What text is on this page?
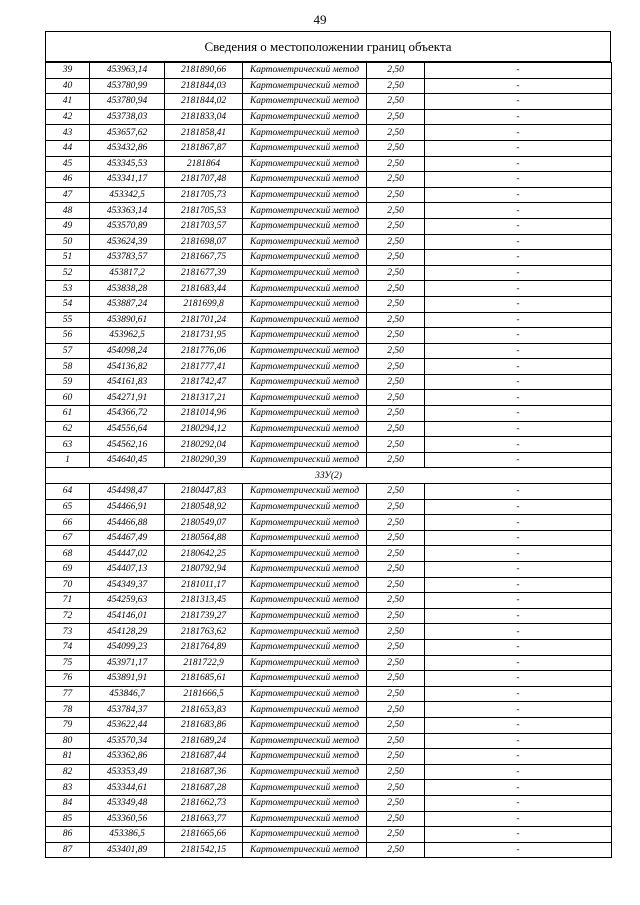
49
Сведения о местоположении границ объекта
39	453963,14	2181890,66	Картометрический метод	2,50	-
40	453780,99	2181844,03	Картометрический метод	2,50	-
41	453780,94	2181844,02	Картометрический метод	2,50	-
42	453738,03	2181833,04	Картометрический метод	2,50	-
43	453657,62	2181858,41	Картометрический метод	2,50	-
44	453432,86	2181867,87	Картометрический метод	2,50	-
45	453345,53	2181864	Картометрический метод	2,50	-
46	453341,17	2181707,48	Картометрический метод	2,50	-
47	453342,5	2181705,73	Картометрический метод	2,50	-
48	453363,14	2181705,53	Картометрический метод	2,50	-
49	453570,89	2181703,57	Картометрический метод	2,50	-
50	453624,39	2181698,07	Картометрический метод	2,50	-
51	453783,57	2181667,75	Картометрический метод	2,50	-
52	453817,2	2181677,39	Картометрический метод	2,50	-
53	453838,28	2181683,44	Картометрический метод	2,50	-
54	453887,24	2181699,8	Картометрический метод	2,50	-
55	453890,61	2181701,24	Картометрический метод	2,50	-
56	453962,5	2181731,95	Картометрический метод	2,50	-
57	454098,24	2181776,06	Картометрический метод	2,50	-
58	454136,82	2181777,41	Картометрический метод	2,50	-
59	454161,83	2181742,47	Картометрический метод	2,50	-
60	454271,91	2181317,21	Картометрический метод	2,50	-
61	454366,72	2181014,96	Картометрический метод	2,50	-
62	454556,64	2180294,12	Картометрический метод	2,50	-
63	454562,16	2180292,04	Картометрический метод	2,50	-
1	454640,45	2180290,39	Картометрический метод	2,50	-
3ЗУ(2)					
64	454498,47	2180447,83	Картометрический метод	2,50	-
65	454466,91	2180548,92	Картометрический метод	2,50	-
66	454466,88	2180549,07	Картометрический метод	2,50	-
67	454467,49	2180564,88	Картометрический метод	2,50	-
68	454447,02	2180642,25	Картометрический метод	2,50	-
69	454407,13	2180792,94	Картометрический метод	2,50	-
70	454349,37	2181011,17	Картометрический метод	2,50	-
71	454259,63	2181313,45	Картометрический метод	2,50	-
72	454146,01	2181739,27	Картометрический метод	2,50	-
73	454128,29	2181763,62	Картометрический метод	2,50	-
74	454099,23	2181764,89	Картометрический метод	2,50	-
75	453971,17	2181722,9	Картометрический метод	2,50	-
76	453891,91	2181685,61	Картометрический метод	2,50	-
77	453846,7	2181666,5	Картометрический метод	2,50	-
78	453784,37	2181653,83	Картометрический метод	2,50	-
79	453622,44	2181683,86	Картометрический метод	2,50	-
80	453570,34	2181689,24	Картометрический метод	2,50	-
81	453362,86	2181687,44	Картометрический метод	2,50	-
82	453353,49	2181687,36	Картометрический метод	2,50	-
83	453344,61	2181687,28	Картометрический метод	2,50	-
84	453349,48	2181662,73	Картометрический метод	2,50	-
85	453360,56	2181663,77	Картометрический метод	2,50	-
86	453386,5	2181665,66	Картометрический метод	2,50	-
87	453401,89	2181542,15	Картометрический метод	2,50	-
